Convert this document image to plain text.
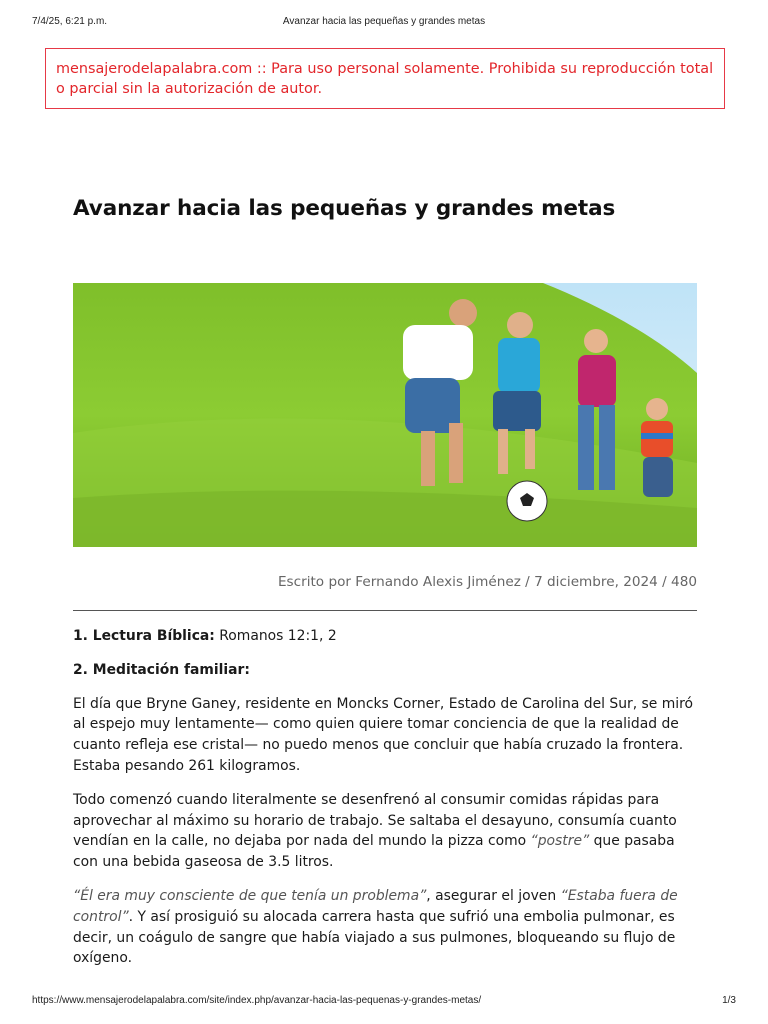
7/4/25, 6:21 p.m.	Avanzar hacia las pequeñas y grandes metas
mensajerodelapalabra.com :: Para uso personal solamente. Prohibida su reproducción total o parcial sin la autorización de autor.
Avanzar hacia las pequeñas y grandes metas
Escrito por Fernando Alexis Jiménez / 7 diciembre, 2024 / 480

1. Lectura Bíblica: Romanos 12:1, 2

2. Meditación familiar:

El día que Bryne Ganey, residente en Moncks Corner, Estado de Carolina del Sur, se miró al espejo muy lentamente— como quien quiere tomar conciencia de que la realidad de cuanto refleja ese cristal— no puedo menos que concluir que había cruzado la frontera. Estaba pesando 261 kilogramos.

Todo comenzó cuando literalmente se desenfrenó al consumir comidas rápidas para aprovechar al máximo su horario de trabajo. Se saltaba el desayuno, consumía cuanto vendían en la calle, no dejaba por nada del mundo la pizza como “postre” que pasaba con una bebida gaseosa de 3.5 litros.

“Él era muy consciente de que tenía un problema”, asegurar el joven “Estaba fuera de control”. Y así prosiguió su alocada carrera hasta que sufrió una embolia pulmonar, es decir, un coágulo de sangre que había viajado a sus pulmones, bloqueando su flujo de oxígeno.

https://www.mensajerodelapalabra.com/site/index.php/avanzar-hacia-las-pequenas-y-grandes-metas/	1/3
